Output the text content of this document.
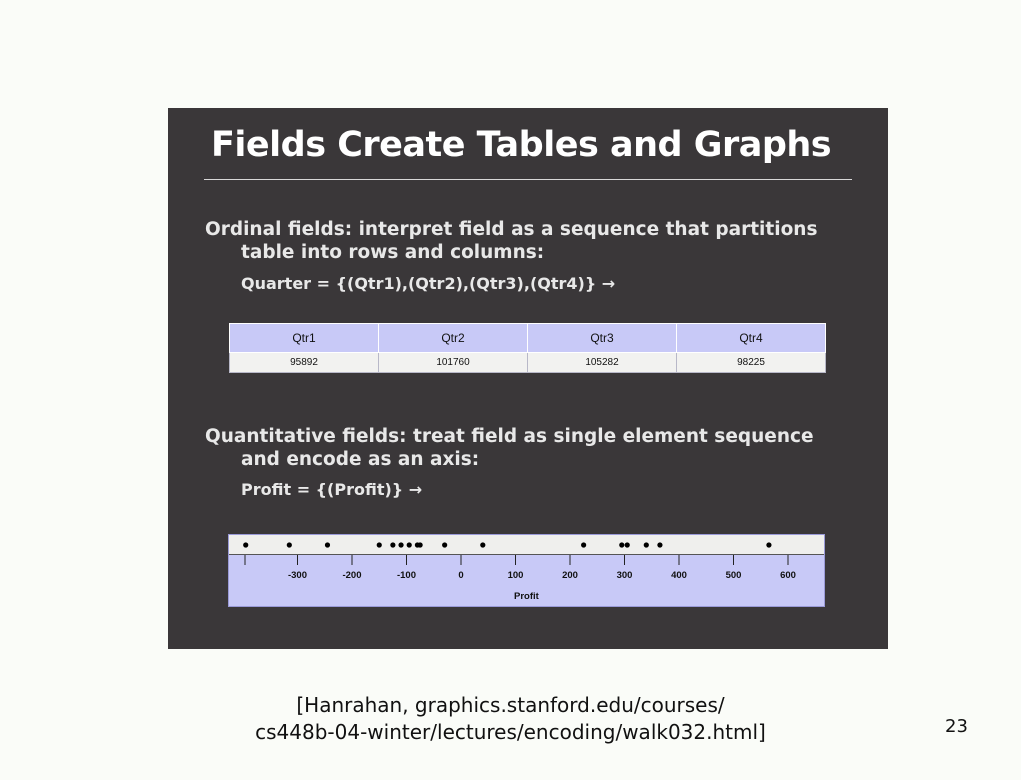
Fields Create Tables and Graphs
Ordinal fields: interpret field as a sequence that partitions
table into rows and columns:
Quarter = {(Qtr1),(Qtr2),(Qtr3),(Qtr4)} →
Qtr1	Qtr2	Qtr3	Qtr4
95892	101760	105282	98225
Quantitative fields: treat field as single element sequence
and encode as an axis:
Profit = {(Profit)} →
-300	-200	-100	0	100	200	300	400	500	600
Profit
[Hanrahan, graphics.stanford.edu/courses/
cs448b-04-winter/lectures/encoding/walk032.html]	23
